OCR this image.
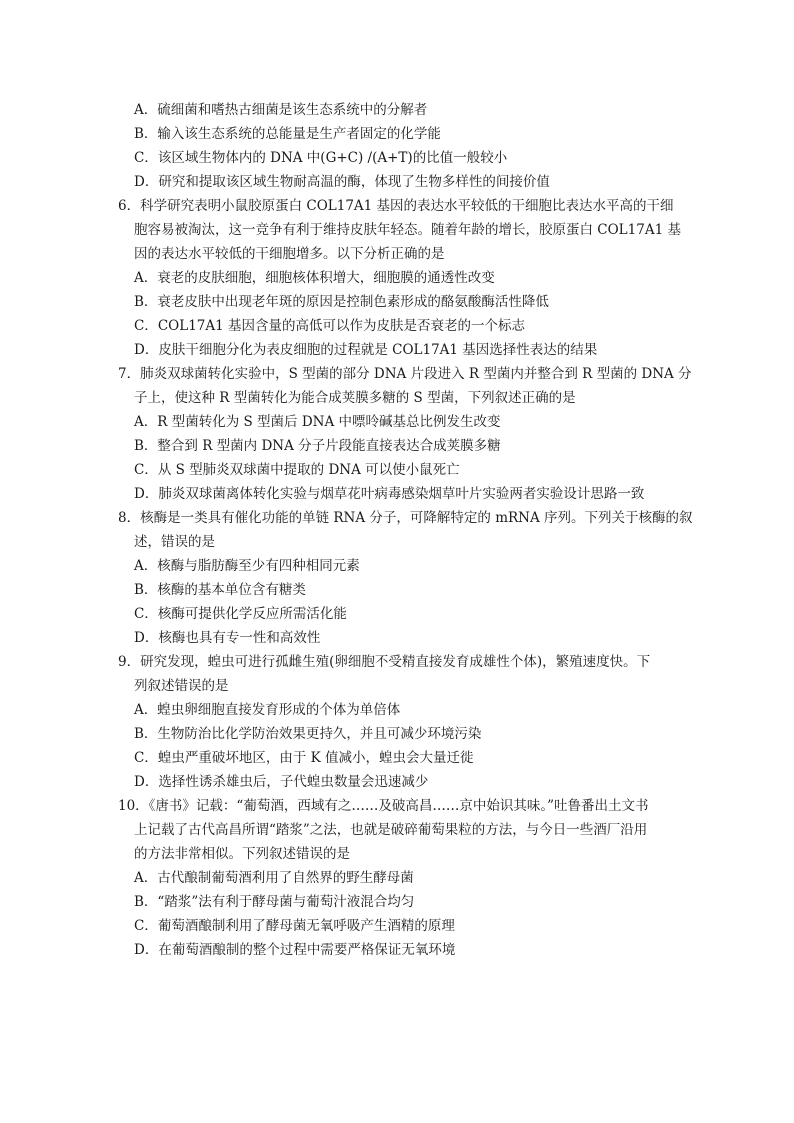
A．硫细菌和嗜热古细菌是该生态系统中的分解者
B．输入该生态系统的总能量是生产者固定的化学能
C．该区域生物体内的 DNA 中(G+C) /(A+T)的比值一般较小
D．研究和提取该区域生物耐高温的酶，体现了生物多样性的间接价值
6．科学研究表明小鼠胶原蛋白 COL17A1 基因的表达水平较低的干细胞比表达水平高的干细
胞容易被淘汰，这一竞争有利于维持皮肤年轻态。随着年龄的增长，胶原蛋白 COL17A1 基
因的表达水平较低的干细胞增多。以下分析正确的是
A．衰老的皮肤细胞，细胞核体积增大，细胞膜的通透性改变
B．衰老皮肤中出现老年斑的原因是控制色素形成的酪氨酸酶活性降低
C．COL17A1 基因含量的高低可以作为皮肤是否衰老的一个标志
D．皮肤干细胞分化为表皮细胞的过程就是 COL17A1 基因选择性表达的结果
7．肺炎双球菌转化实验中，S 型菌的部分 DNA 片段进入 R 型菌内并整合到 R 型菌的 DNA 分
子上，使这种 R 型菌转化为能合成荚膜多糖的 S 型菌，下列叙述正确的是
A．R 型菌转化为 S 型菌后 DNA 中嘌呤碱基总比例发生改变
B．整合到 R 型菌内 DNA 分子片段能直接表达合成荚膜多糖
C．从 S 型肺炎双球菌中提取的 DNA 可以使小鼠死亡
D．肺炎双球菌离体转化实验与烟草花叶病毒感染烟草叶片实验两者实验设计思路一致
8．核酶是一类具有催化功能的单链 RNA 分子，可降解特定的 mRNA 序列。下列关于核酶的叙
述，错误的是
A．核酶与脂肪酶至少有四种相同元素
B．核酶的基本单位含有糖类
C．核酶可提供化学反应所需活化能
D．核酶也具有专一性和高效性
9．研究发现，蝗虫可进行孤雌生殖(卵细胞不受精直接发育成雄性个体)，繁殖速度快。下
列叙述错误的是
A．蝗虫卵细胞直接发育形成的个体为单倍体
B．生物防治比化学防治效果更持久，并且可减少环境污染
C．蝗虫严重破坏地区，由于 K 值减小，蝗虫会大量迁徙
D．选择性诱杀雄虫后，子代蝗虫数量会迅速减少
10．《唐书》记载：“葡萄酒，西域有之……及破高昌……京中始识其味。”吐鲁番出土文书
上记载了古代高昌所谓“踏浆”之法，也就是破碎葡萄果粒的方法，与今日一些酒厂沿用
的方法非常相似。下列叙述错误的是
A．古代酿制葡萄酒利用了自然界的野生酵母菌
B．“踏浆”法有利于酵母菌与葡萄汁液混合均匀
C．葡萄酒酿制利用了酵母菌无氧呼吸产生酒精的原理
D．在葡萄酒酿制的整个过程中需要严格保证无氧环境
